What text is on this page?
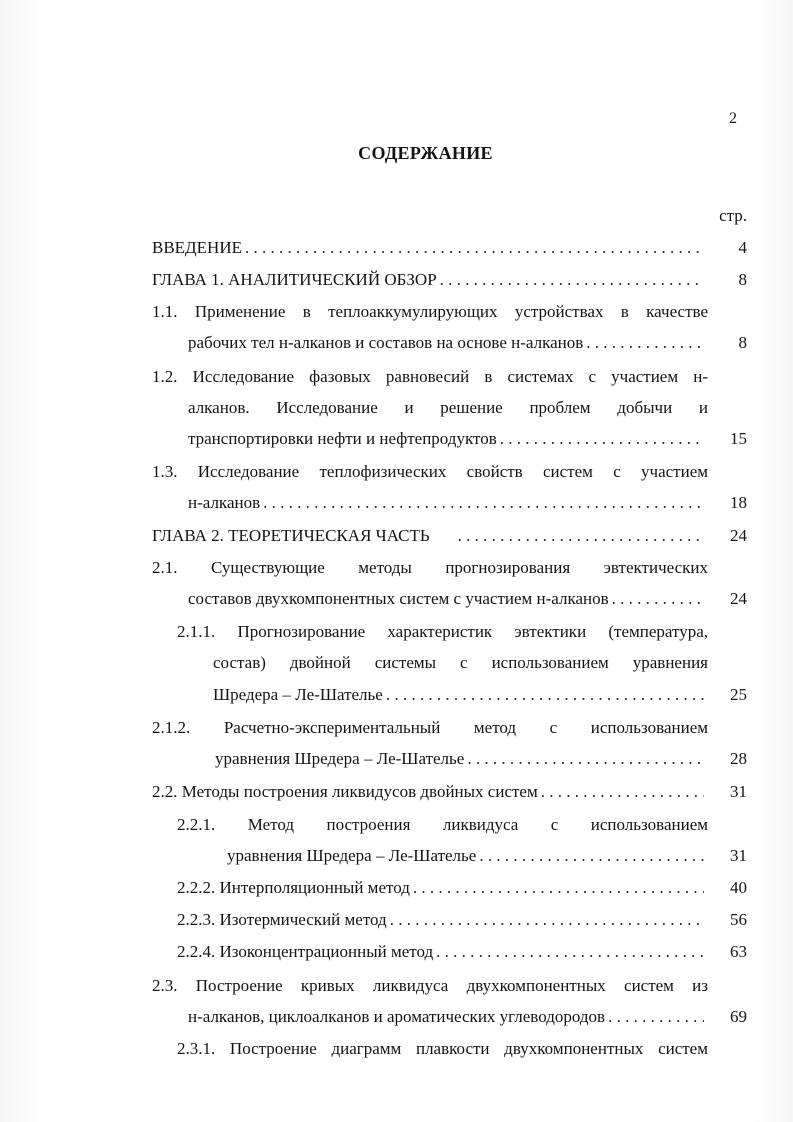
2
СОДЕРЖАНИЕ
стр.
ВВЕДЕНИЕ . . .	4
ГЛАВА 1. АНАЛИТИЧЕСКИЙ ОБЗОР . . .	8
1.1. Применение в теплоаккумулирующих устройствах в качестве
рабочих тел н-алканов и составов на основе н-алканов . . .	8
1.2. Исследование фазовых равновесий в системах с участием н-
алканов. Исследование и решение проблем добычи и
транспортировки нефти и нефтепродуктов . . .	15
1.3. Исследование теплофизических свойств систем с участием
н-алканов . . .	18
ГЛАВА 2. ТЕОРЕТИЧЕСКАЯ ЧАСТЬ . . .	24
2.1. Существующие методы прогнозирования эвтектических
составов двухкомпонентных систем с участием н-алканов . . .	24
2.1.1. Прогнозирование характеристик эвтектики (температура,
состав) двойной системы с использованием уравнения
Шредера – Ле-Шателье . . .	25
2.1.2. Расчетно-экспериментальный метод с использованием
уравнения Шредера – Ле-Шателье . . .	28
2.2. Методы построения ликвидусов двойных систем . . .	31
2.2.1. Метод построения ликвидуса с использованием
уравнения Шредера – Ле-Шателье . . .	31
2.2.2. Интерполяционный метод . . .	40
2.2.3. Изотермический метод . . .	56
2.2.4. Изоконцентрационный метод . . .	63
2.3. Построение кривых ликвидуса двухкомпонентных систем из
н-алканов, циклоалканов и ароматических углеводородов . . .	69
2.3.1. Построение диаграмм плавкости двухкомпонентных систем
